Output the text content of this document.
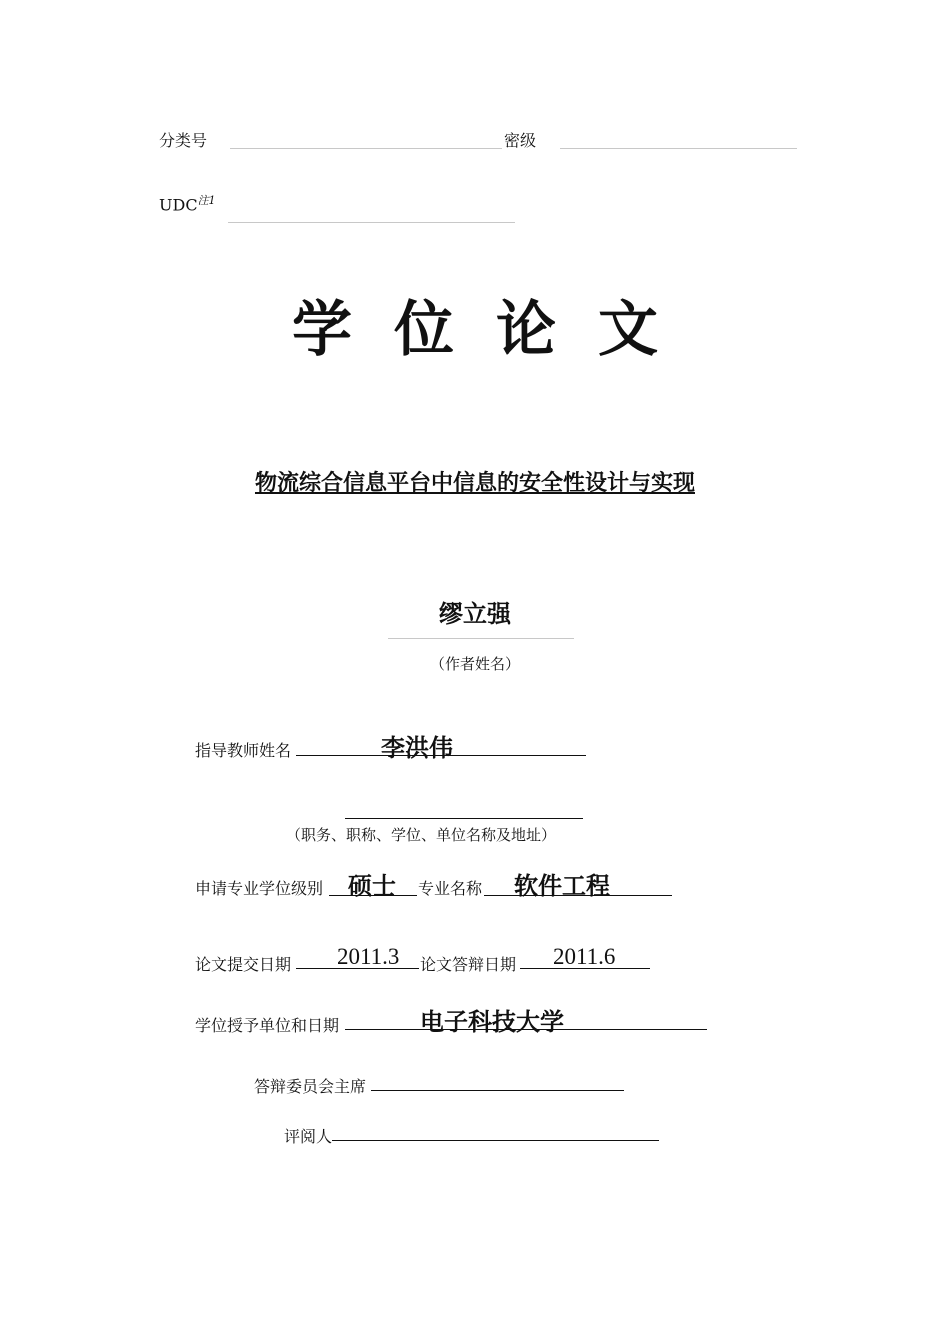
分类号	密级
UDC$^{注1}$
学位论文
物流综合信息平台中信息的安全性设计与实现
缪立强
（作者姓名）
指导教师姓名	李洪伟
（职务、职称、学位、单位名称及地址）
申请专业学位级别 硕士 专业名称 软件工程
论文提交日期 2011.3 论文答辩日期 2011.6
学位授予单位和日期	电子科技大学
答辩委员会主席
评阅人
